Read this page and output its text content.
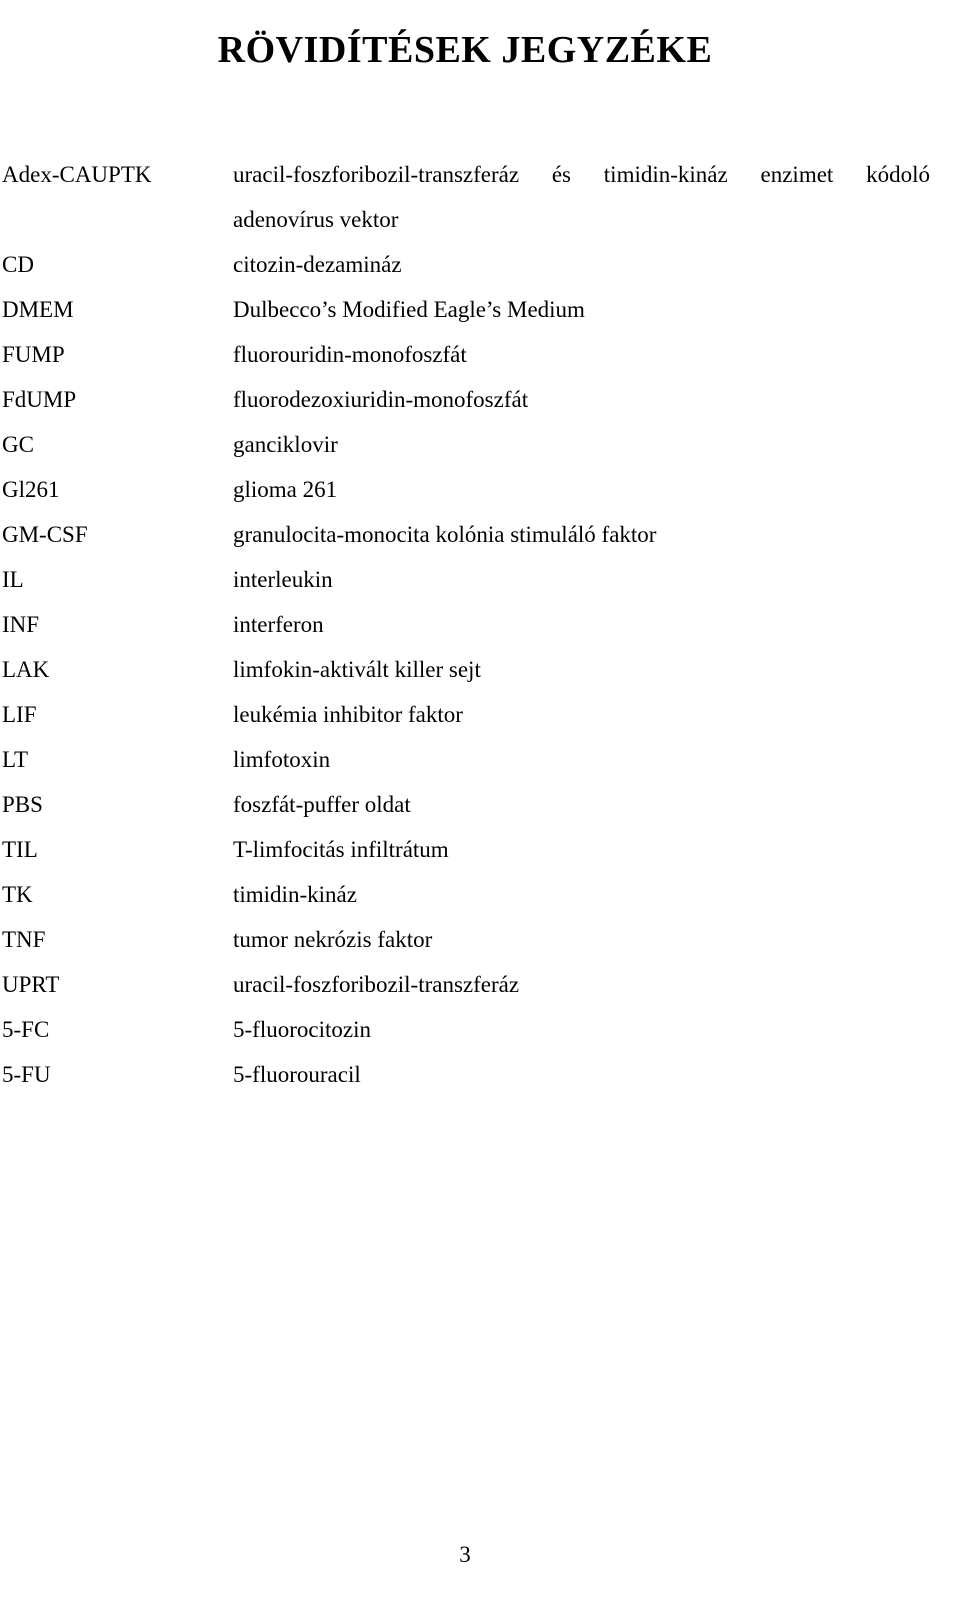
RÖVIDÍTÉSEK JEGYZÉKE
Adex-CAUPTK	uracil-foszforibozil-transzferáz és timidin-kináz enzimet kódoló
adenovírus vektor
CD	citozin-dezamináz
DMEM	Dulbecco’s Modified Eagle’s Medium
FUMP	fluorouridin-monofoszfát
FdUMP	fluorodezoxiuridin-monofoszfát
GC	ganciklovir
Gl261	glioma 261
GM-CSF	granulocita-monocita kolónia stimuláló faktor
IL	interleukin
INF	interferon
LAK	limfokin-aktivált killer sejt
LIF	leukémia inhibitor faktor
LT	limfotoxin
PBS	foszfát-puffer oldat
TIL	T-limfocitás infiltrátum
TK	timidin-kináz
TNF	tumor nekrózis faktor
UPRT	uracil-foszforibozil-transzferáz
5-FC	5-fluorocitozin
5-FU	5-fluorouracil
3
